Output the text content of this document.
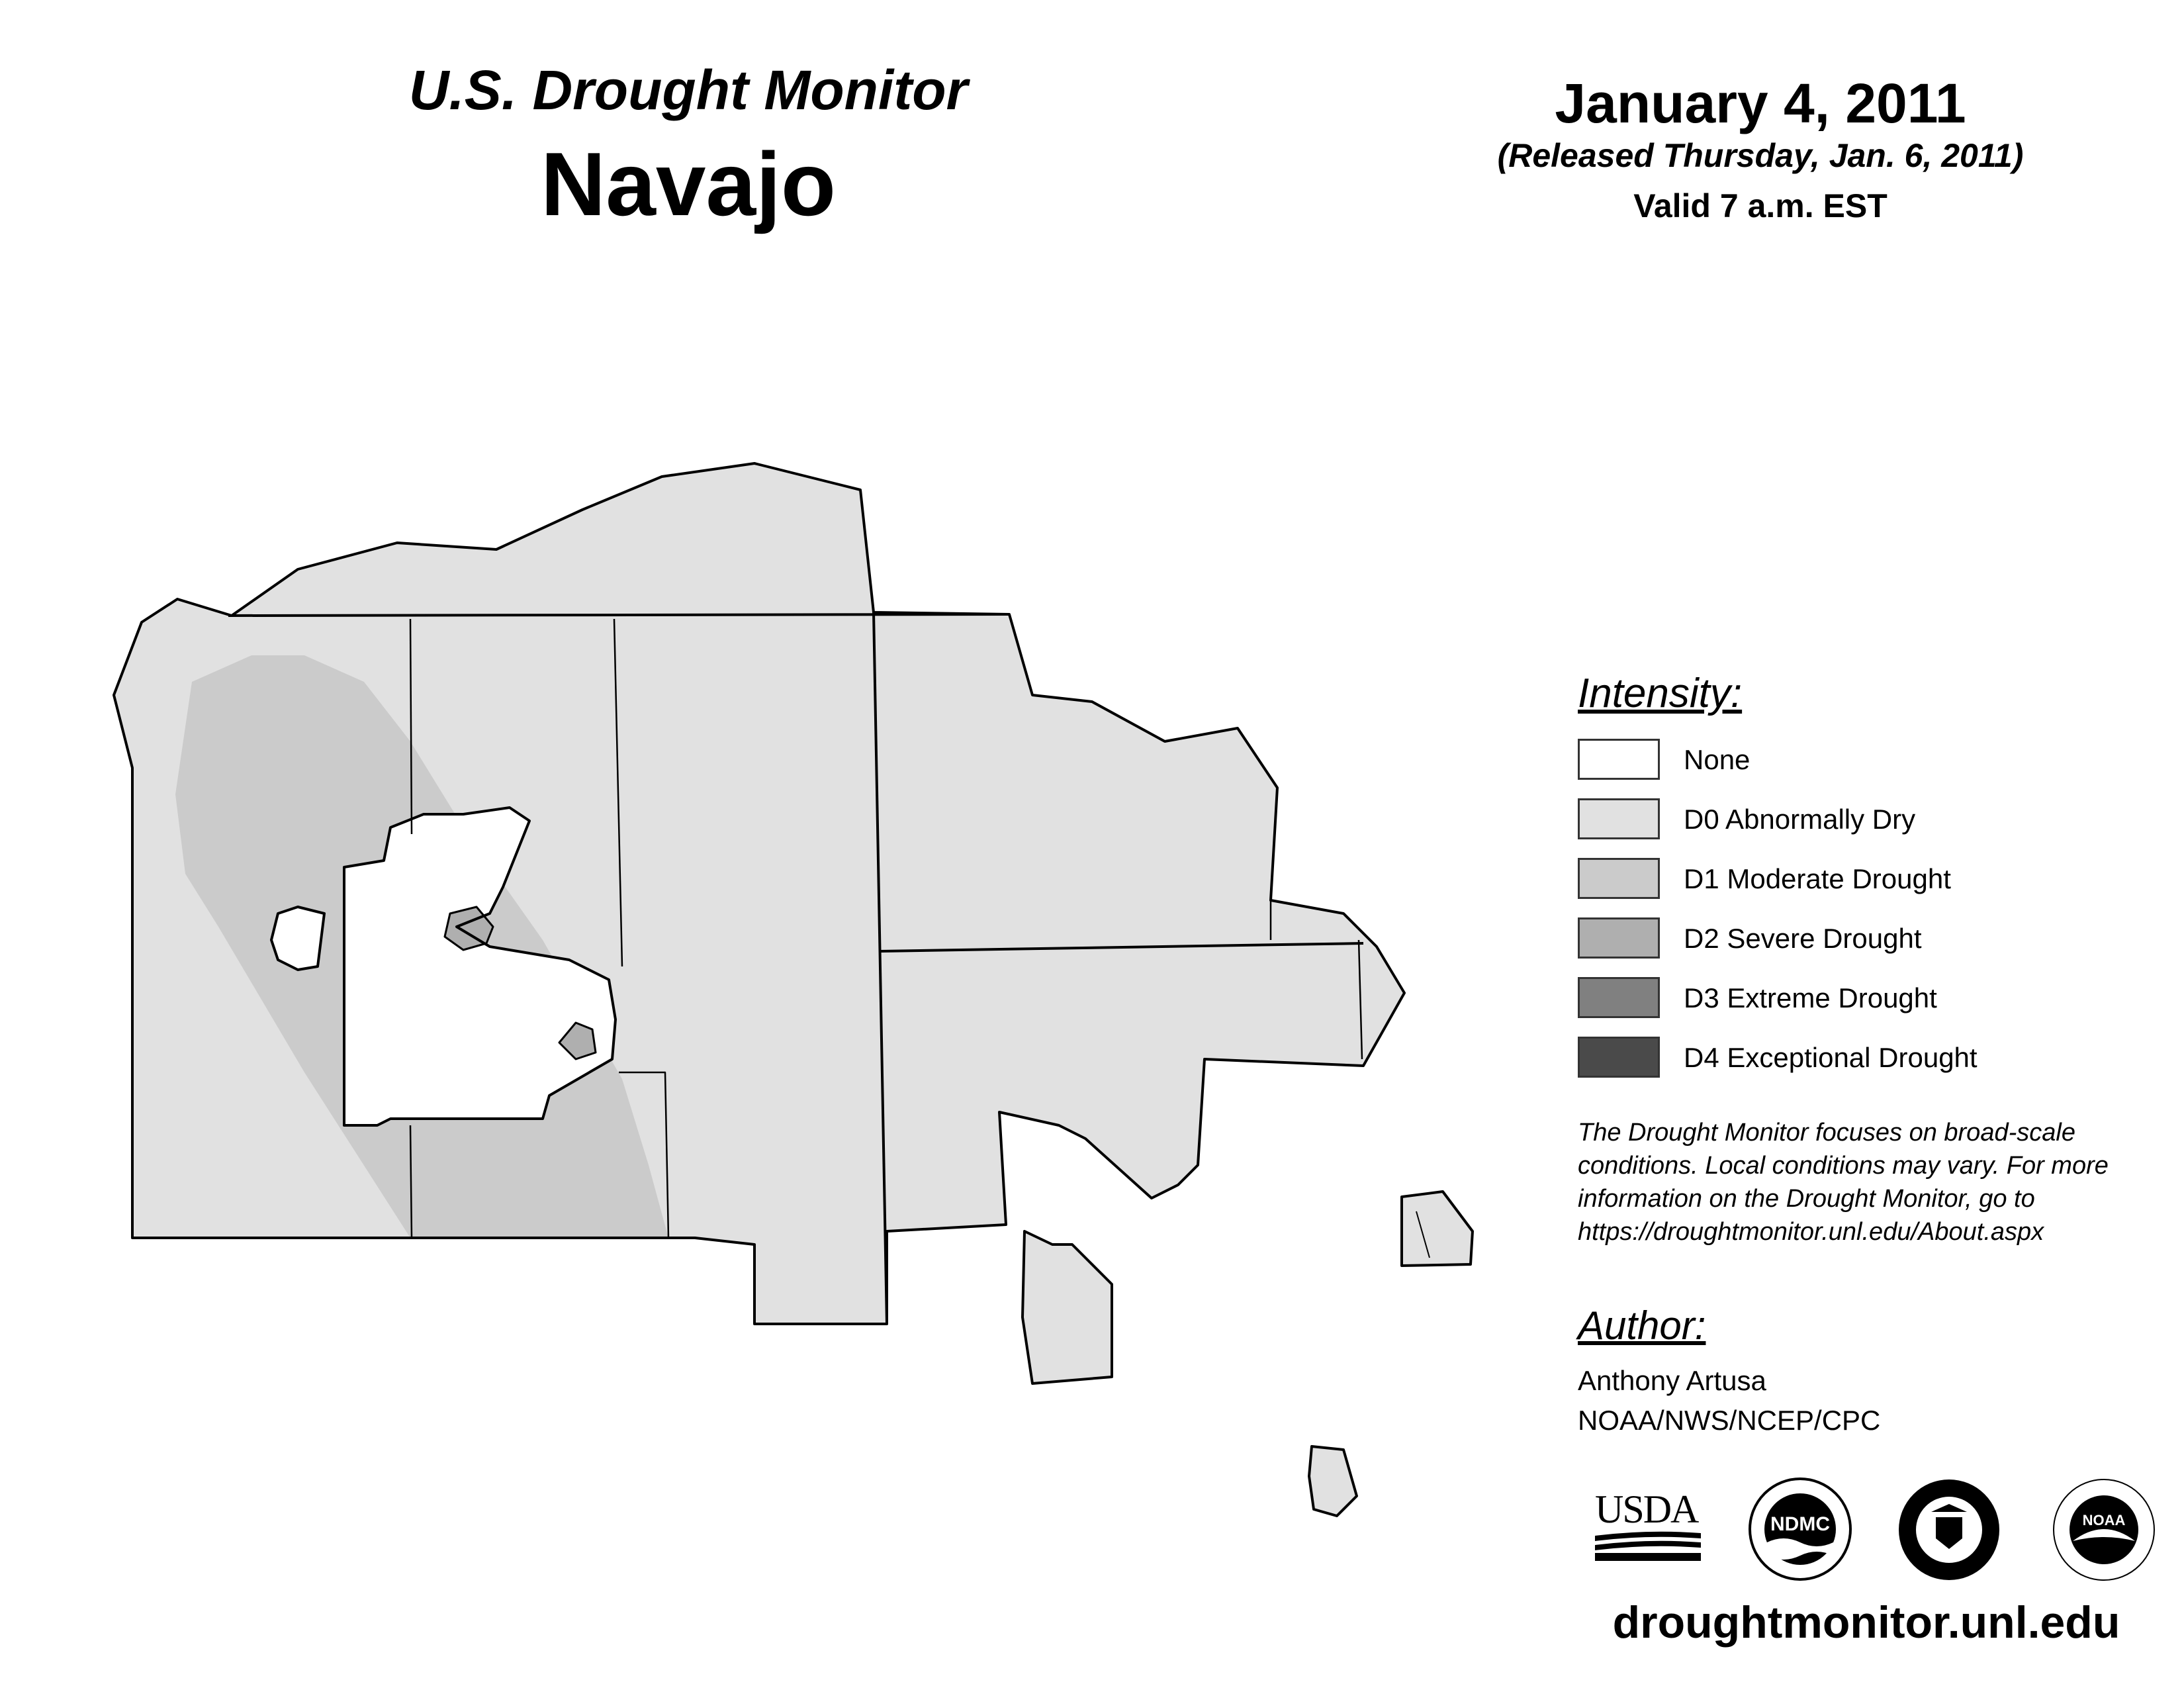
U.S. Drought Monitor
Navajo
January 4, 2011
(Released Thursday, Jan. 6, 2011)
Valid 7 a.m. EST
Intensity:
None
D0 Abnormally Dry
D1 Moderate Drought
D2 Severe Drought
D3 Extreme Drought
D4 Exceptional Drought
The Drought Monitor focuses on broad-scale conditions. Local conditions may vary. For more information on the Drought Monitor, go to https://droughtmonitor.unl.edu/About.aspx
Author:
Anthony Artusa
NOAA/NWS/NCEP/CPC
USDA	NDMC	NOAA
droughtmonitor.unl.edu
